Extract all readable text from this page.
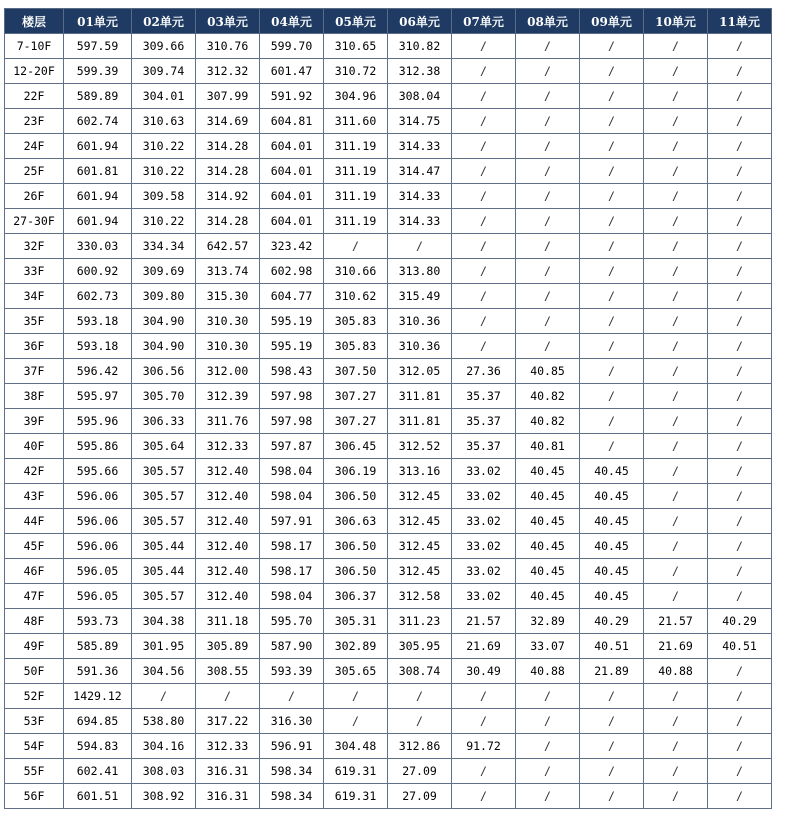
楼层	01单元	02单元	03单元	04单元	05单元	06单元	07单元	08单元	09单元	10单元	11单元
7-10F	597.59	309.66	310.76	599.70	310.65	310.82	/	/	/	/	/
12-20F	599.39	309.74	312.32	601.47	310.72	312.38	/	/	/	/	/
22F	589.89	304.01	307.99	591.92	304.96	308.04	/	/	/	/	/
23F	602.74	310.63	314.69	604.81	311.60	314.75	/	/	/	/	/
24F	601.94	310.22	314.28	604.01	311.19	314.33	/	/	/	/	/
25F	601.81	310.22	314.28	604.01	311.19	314.47	/	/	/	/	/
26F	601.94	309.58	314.92	604.01	311.19	314.33	/	/	/	/	/
27-30F	601.94	310.22	314.28	604.01	311.19	314.33	/	/	/	/	/
32F	330.03	334.34	642.57	323.42	/	/	/	/	/	/	/
33F	600.92	309.69	313.74	602.98	310.66	313.80	/	/	/	/	/
34F	602.73	309.80	315.30	604.77	310.62	315.49	/	/	/	/	/
35F	593.18	304.90	310.30	595.19	305.83	310.36	/	/	/	/	/
36F	593.18	304.90	310.30	595.19	305.83	310.36	/	/	/	/	/
37F	596.42	306.56	312.00	598.43	307.50	312.05	27.36	40.85	/	/	/
38F	595.97	305.70	312.39	597.98	307.27	311.81	35.37	40.82	/	/	/
39F	595.96	306.33	311.76	597.98	307.27	311.81	35.37	40.82	/	/	/
40F	595.86	305.64	312.33	597.87	306.45	312.52	35.37	40.81	/	/	/
42F	595.66	305.57	312.40	598.04	306.19	313.16	33.02	40.45	40.45	/	/
43F	596.06	305.57	312.40	598.04	306.50	312.45	33.02	40.45	40.45	/	/
44F	596.06	305.57	312.40	597.91	306.63	312.45	33.02	40.45	40.45	/	/
45F	596.06	305.44	312.40	598.17	306.50	312.45	33.02	40.45	40.45	/	/
46F	596.05	305.44	312.40	598.17	306.50	312.45	33.02	40.45	40.45	/	/
47F	596.05	305.57	312.40	598.04	306.37	312.58	33.02	40.45	40.45	/	/
48F	593.73	304.38	311.18	595.70	305.31	311.23	21.57	32.89	40.29	21.57	40.29
49F	585.89	301.95	305.89	587.90	302.89	305.95	21.69	33.07	40.51	21.69	40.51
50F	591.36	304.56	308.55	593.39	305.65	308.74	30.49	40.88	21.89	40.88	/
52F	1429.12	/	/	/	/	/	/	/	/	/	/
53F	694.85	538.80	317.22	316.30	/	/	/	/	/	/	/
54F	594.83	304.16	312.33	596.91	304.48	312.86	91.72	/	/	/	/
55F	602.41	308.03	316.31	598.34	619.31	27.09	/	/	/	/	/
56F	601.51	308.92	316.31	598.34	619.31	27.09	/	/	/	/	/
